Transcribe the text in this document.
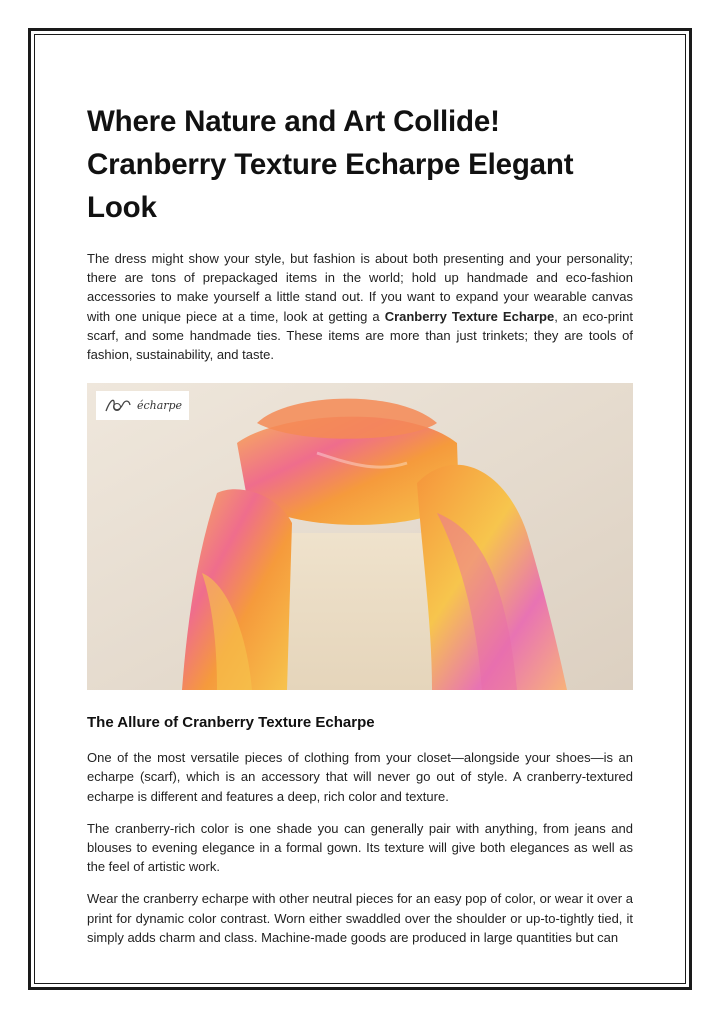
Where Nature and Art Collide! Cranberry Texture Echarpe Elegant Look

The dress might show your style, but fashion is about both presenting and your personality; there are tons of prepackaged items in the world; hold up handmade and eco-fashion accessories to make yourself a little stand out. If you want to expand your wearable canvas with one unique piece at a time, look at getting a Cranberry Texture Echarpe, an eco-print scarf, and some handmade ties. These items are more than just trinkets; they are tools of fashion, sustainability, and taste.

écharpe
The Allure of Cranberry Texture Echarpe

One of the most versatile pieces of clothing from your closet—alongside your shoes—is an echarpe (scarf), which is an accessory that will never go out of style. A cranberry-textured echarpe is different and features a deep, rich color and texture.

The cranberry-rich color is one shade you can generally pair with anything, from jeans and blouses to evening elegance in a formal gown. Its texture will give both elegances as well as the feel of artistic work.

Wear the cranberry echarpe with other neutral pieces for an easy pop of color, or wear it over a print for dynamic color contrast. Worn either swaddled over the shoulder or up-to-tightly tied, it simply adds charm and class. Machine-made goods are produced in large quantities but can
